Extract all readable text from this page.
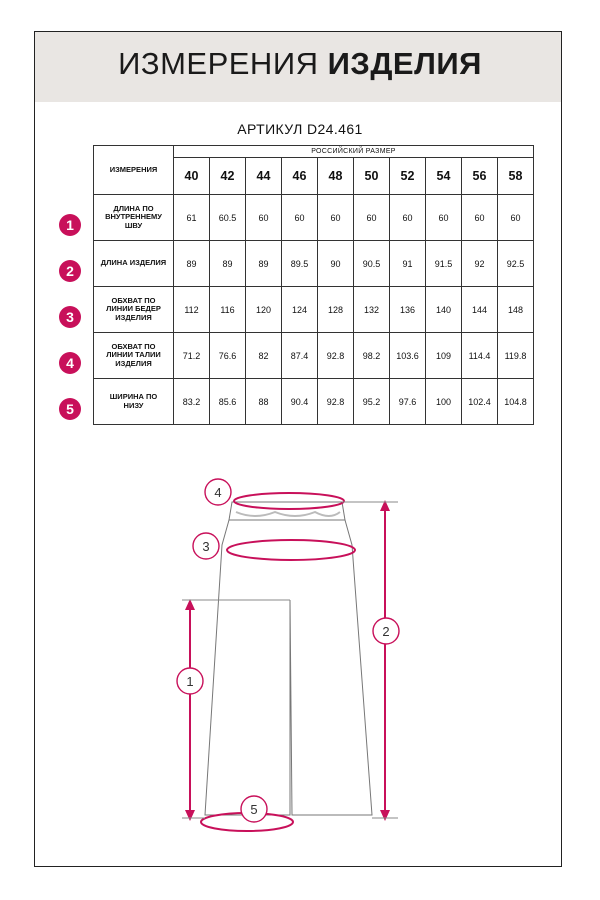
ИЗМЕРЕНИЯ ИЗДЕЛИЯ
АРТИКУЛ D24.461
ИЗМЕРЕНИЯ	РОССИЙСКИЙ РАЗМЕР									
	40	42	44	46	48	50	52	54	56	58
ДЛИНА ПО
ВНУТРЕННЕМУ
ШВУ	61	60.5	60	60	60	60	60	60	60	60
ДЛИНА ИЗДЕЛИЯ	89	89	89	89.5	90	90.5	91	91.5	92	92.5
ОБХВАТ ПО
ЛИНИИ БЕДЕР
ИЗДЕЛИЯ	112	116	120	124	128	132	136	140	144	148
ОБХВАТ ПО
ЛИНИИ ТАЛИИ
ИЗДЕЛИЯ	71.2	76.6	82	87.4	92.8	98.2	103.6	109	114.4	119.8
ШИРИНА ПО
НИЗУ	83.2	85.6	88	90.4	92.8	95.2	97.6	100	102.4	104.8
1
2
3
4
5
4
3
2
1
5
